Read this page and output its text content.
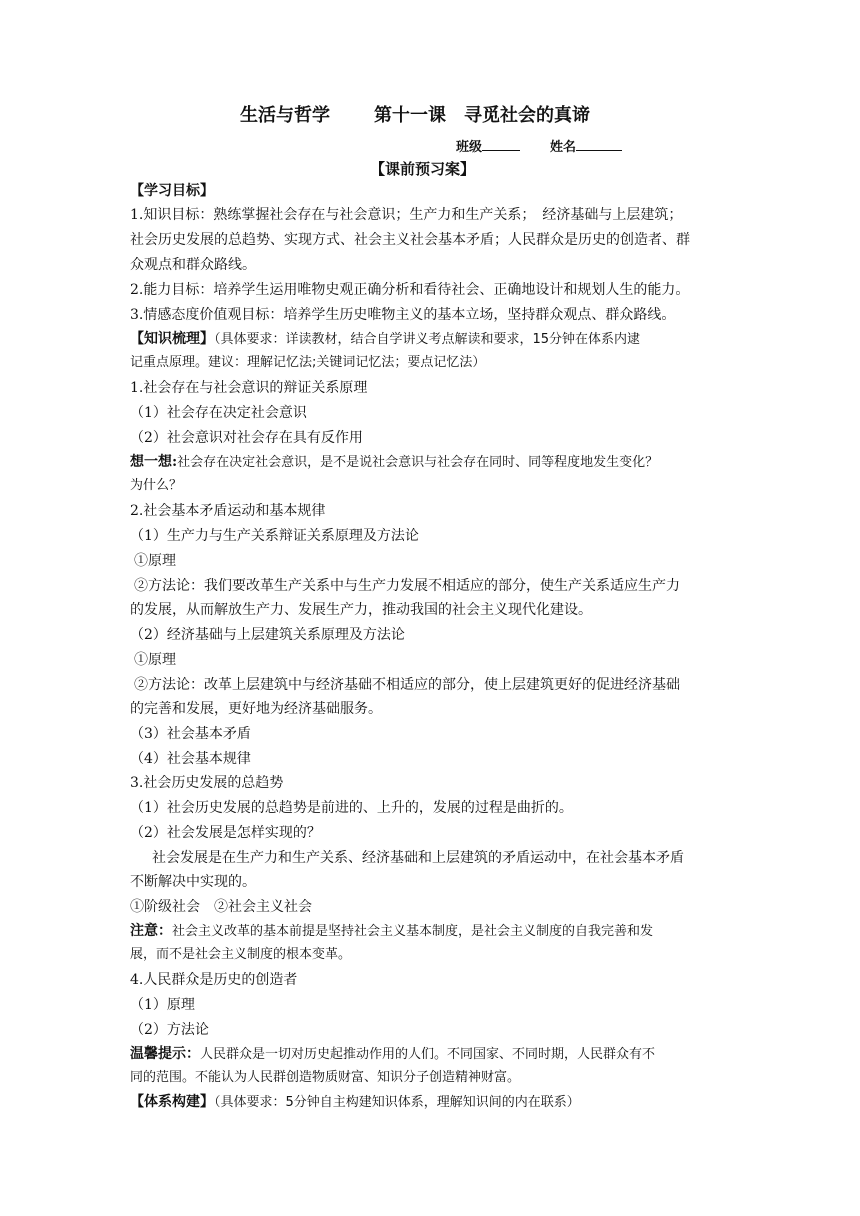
生活与哲学 第十一课　寻觅社会的真谛
班级	姓名
【课前预习案】
【学习目标】
1.知识目标：熟练掌握社会存在与社会意识；生产力和生产关系；　经济基础与上层建筑；
社会历史发展的总趋势、实现方式、社会主义社会基本矛盾；人民群众是历史的创造者、群
众观点和群众路线。
2.能力目标：培养学生运用唯物史观正确分析和看待社会、正确地设计和规划人生的能力。
3.情感态度价值观目标：培养学生历史唯物主义的基本立场，坚持群众观点、群众路线。
【知识梳理】（具体要求：详读教材，结合自学讲义考点解读和要求，15分钟在体系内逮
记重点原理。建议：理解记忆法;关键词记忆法；要点记忆法）
1.社会存在与社会意识的辩证关系原理
（1）社会存在决定社会意识
（2）社会意识对社会存在具有反作用
想一想:社会存在决定社会意识，是不是说社会意识与社会存在同时、同等程度地发生变化？
为什么？
2.社会基本矛盾运动和基本规律
（1）生产力与生产关系辩证关系原理及方法论
①原理
②方法论：我们要改革生产关系中与生产力发展不相适应的部分，使生产关系适应生产力
的发展，从而解放生产力、发展生产力，推动我国的社会主义现代化建设。
（2）经济基础与上层建筑关系原理及方法论
①原理
②方法论：改革上层建筑中与经济基础不相适应的部分，使上层建筑更好的促进经济基础
的完善和发展，更好地为经济基础服务。
（3）社会基本矛盾
（4）社会基本规律
3.社会历史发展的总趋势
（1）社会历史发展的总趋势是前进的、上升的，发展的过程是曲折的。
（2）社会发展是怎样实现的？
社会发展是在生产力和生产关系、经济基础和上层建筑的矛盾运动中，在社会基本矛盾
不断解决中实现的。
①阶级社会　②社会主义社会
注意：社会主义改革的基本前提是坚持社会主义基本制度，是社会主义制度的自我完善和发
展，而不是社会主义制度的根本变革。
4.人民群众是历史的创造者
（1）原理
（2）方法论
温馨提示：人民群众是一切对历史起推动作用的人们。不同国家、不同时期，人民群众有不
同的范围。不能认为人民群创造物质财富、知识分子创造精神财富。
【体系构建】（具体要求：5分钟自主构建知识体系，理解知识间的内在联系）
